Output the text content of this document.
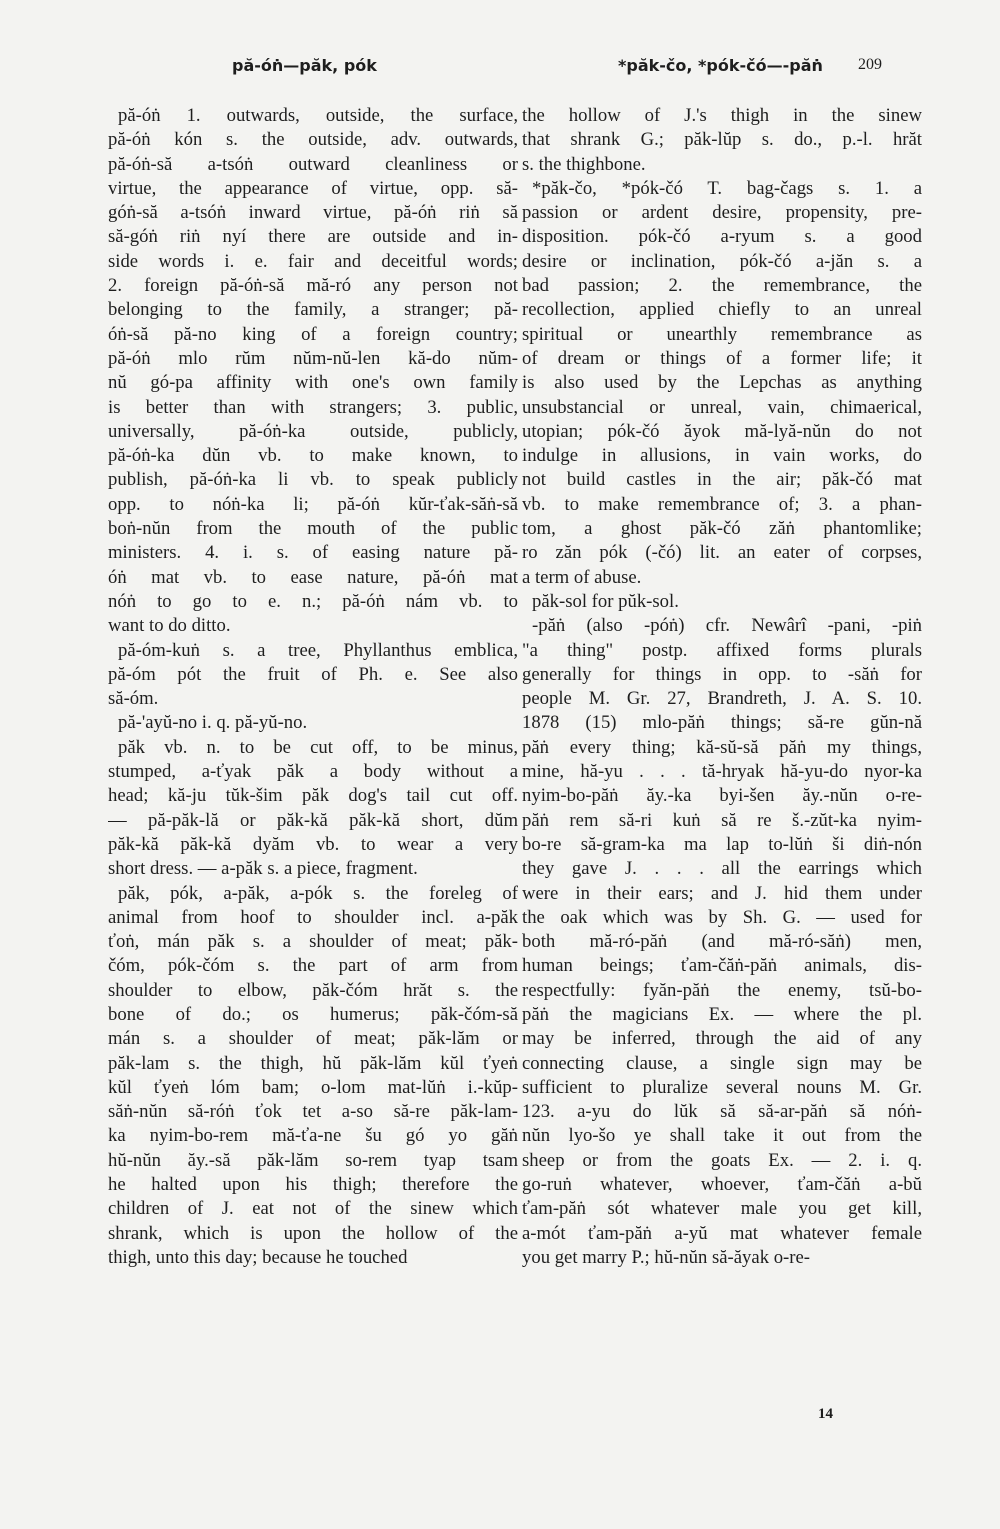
pă-óṅ—păk, pók	*păk-čo, *pók-čó—-păṅ 209
pă-óṅ 1. outwards, outside, the surface,
pă-óṅ kón s. the outside, adv. outwards,
pă-óṅ-să a-tsóṅ outward cleanliness or
virtue, the appearance of virtue, opp. să-
góṅ-să a-tsóṅ inward virtue, pă-óṅ riṅ să
să-góṅ riṅ nyí there are outside and in-
side words i. e. fair and deceitful words;
2. foreign pă-óṅ-să mă-ró any person not
belonging to the family, a stranger; pă-
óṅ-să pă-no king of a foreign country;
pă-óṅ mlo rŭm nŭm-nŭ-len kă-do nŭm-
nŭ gó-pa affinity with one's own family
is better than with strangers; 3. public,
universally, pă-óṅ-ka outside, publicly,
pă-óṅ-ka dŭn vb. to make known, to
publish, pă-óṅ-ka li vb. to speak publicly
opp. to nóṅ-ka li; pă-óṅ kŭr-ťak-săṅ-să
boṅ-nŭn from the mouth of the public
ministers. 4. i. s. of easing nature pă-
óṅ mat vb. to ease nature, pă-óṅ mat
nóṅ to go to e. n.; pă-óṅ nám vb. to
want to do ditto.
pă-óm-kuṅ s. a tree, Phyllanthus emblica,
pă-óm pót the fruit of Ph. e. See also
să-óm.
pă-'ayŭ-no i. q. pă-yŭ-no.
păk vb. n. to be cut off, to be minus,
stumped, a-ťyak păk a body without a
head; kă-ju tŭk-šim păk dog's tail cut off.
— pă-păk-lă or păk-kă păk-kă short, dŭm
păk-kă păk-kă dyăm vb. to wear a very
short dress. — a-păk s. a piece, fragment.
păk, pók, a-păk, a-pók s. the foreleg of
animal from hoof to shoulder incl. a-păk
ťoṅ, mán păk s. a shoulder of meat; păk-
čóm, pók-čóm s. the part of arm from
shoulder to elbow, păk-čóm hrăt s. the
bone of do.; os humerus; păk-čóm-să
mán s. a shoulder of meat; păk-lăm or
păk-lam s. the thigh, hŭ păk-lăm kŭl ťyeṅ
kŭl ťyeṅ lóm bam; o-lom mat-lŭṅ i.-kŭp-
săṅ-nŭn să-róṅ ťok tet a-so să-re păk-lam-
ka nyim-bo-rem mă-ťa-ne šu gó yo găṅ
hŭ-nŭn ăy.-să păk-lăm so-rem tyap tsam
he halted upon his thigh; therefore the
children of J. eat not of the sinew which
shrank, which is upon the hollow of the
thigh, unto this day; because he touched
the hollow of J.'s thigh in the sinew
that shrank G.; păk-lŭp s. do., p.-l. hrăt
s. the thighbone.
*păk-čo, *pók-čó T. bag-čags s. 1. a
passion or ardent desire, propensity, pre-
disposition. pók-čó a-ryum s. a good
desire or inclination, pók-čó a-jăn s. a
bad passion; 2. the remembrance, the
recollection, applied chiefly to an unreal
spiritual or unearthly remembrance as
of dream or things of a former life; it
is also used by the Lepchas as anything
unsubstancial or unreal, vain, chimaerical,
utopian; pók-čó ăyok mă-lyă-nŭn do not
indulge in allusions, in vain works, do
not build castles in the air; păk-čó mat
vb. to make remembrance of; 3. a phan-
tom, a ghost păk-čó zăṅ phantomlike;
ro zăn pók (-čó) lit. an eater of corpses,
a term of abuse.
păk-sol for pŭk-sol.
-păṅ (also -póṅ) cfr. Newârî -pani, -piṅ
"a thing" postp. affixed forms plurals
generally for things in opp. to -săṅ for
people M. Gr. 27, Brandreth, J. A. S. 10.
1878 (15) mlo-păṅ things; să-re gŭn-nă
păṅ every thing; kă-sŭ-să păṅ my things,
mine, hă-yu . . . tă-hryak hă-yu-do nyor-ka
nyim-bo-păṅ ăy.-ka byi-šen ăy.-nŭn o-re-
păṅ rem să-ri kuṅ să re š.-zŭt-ka nyim-
bo-re să-gram-ka ma lap to-lŭṅ ši diṅ-nón
they gave J. . . . all the earrings which
were in their ears; and J. hid them under
the oak which was by Sh. G. — used for
both mă-ró-păṅ (and mă-ró-săṅ) men,
human beings; ťam-čăṅ-păṅ animals, dis-
respectfully: fyăn-păṅ the enemy, tsŭ-bo-
păṅ the magicians Ex. — where the pl.
may be inferred, through the aid of any
connecting clause, a single sign may be
sufficient to pluralize several nouns M. Gr.
123. a-yu do lŭk să să-ar-păṅ să nóṅ-
nŭn lyo-šo ye shall take it out from the
sheep or from the goats Ex. — 2. i. q.
go-ruṅ whatever, whoever, ťam-čăṅ a-bŭ
ťam-păṅ sót whatever male you get kill,
a-mót ťam-păṅ a-yŭ mat whatever female
you get marry P.; hŭ-nŭn să-ăyak o-re-
14
